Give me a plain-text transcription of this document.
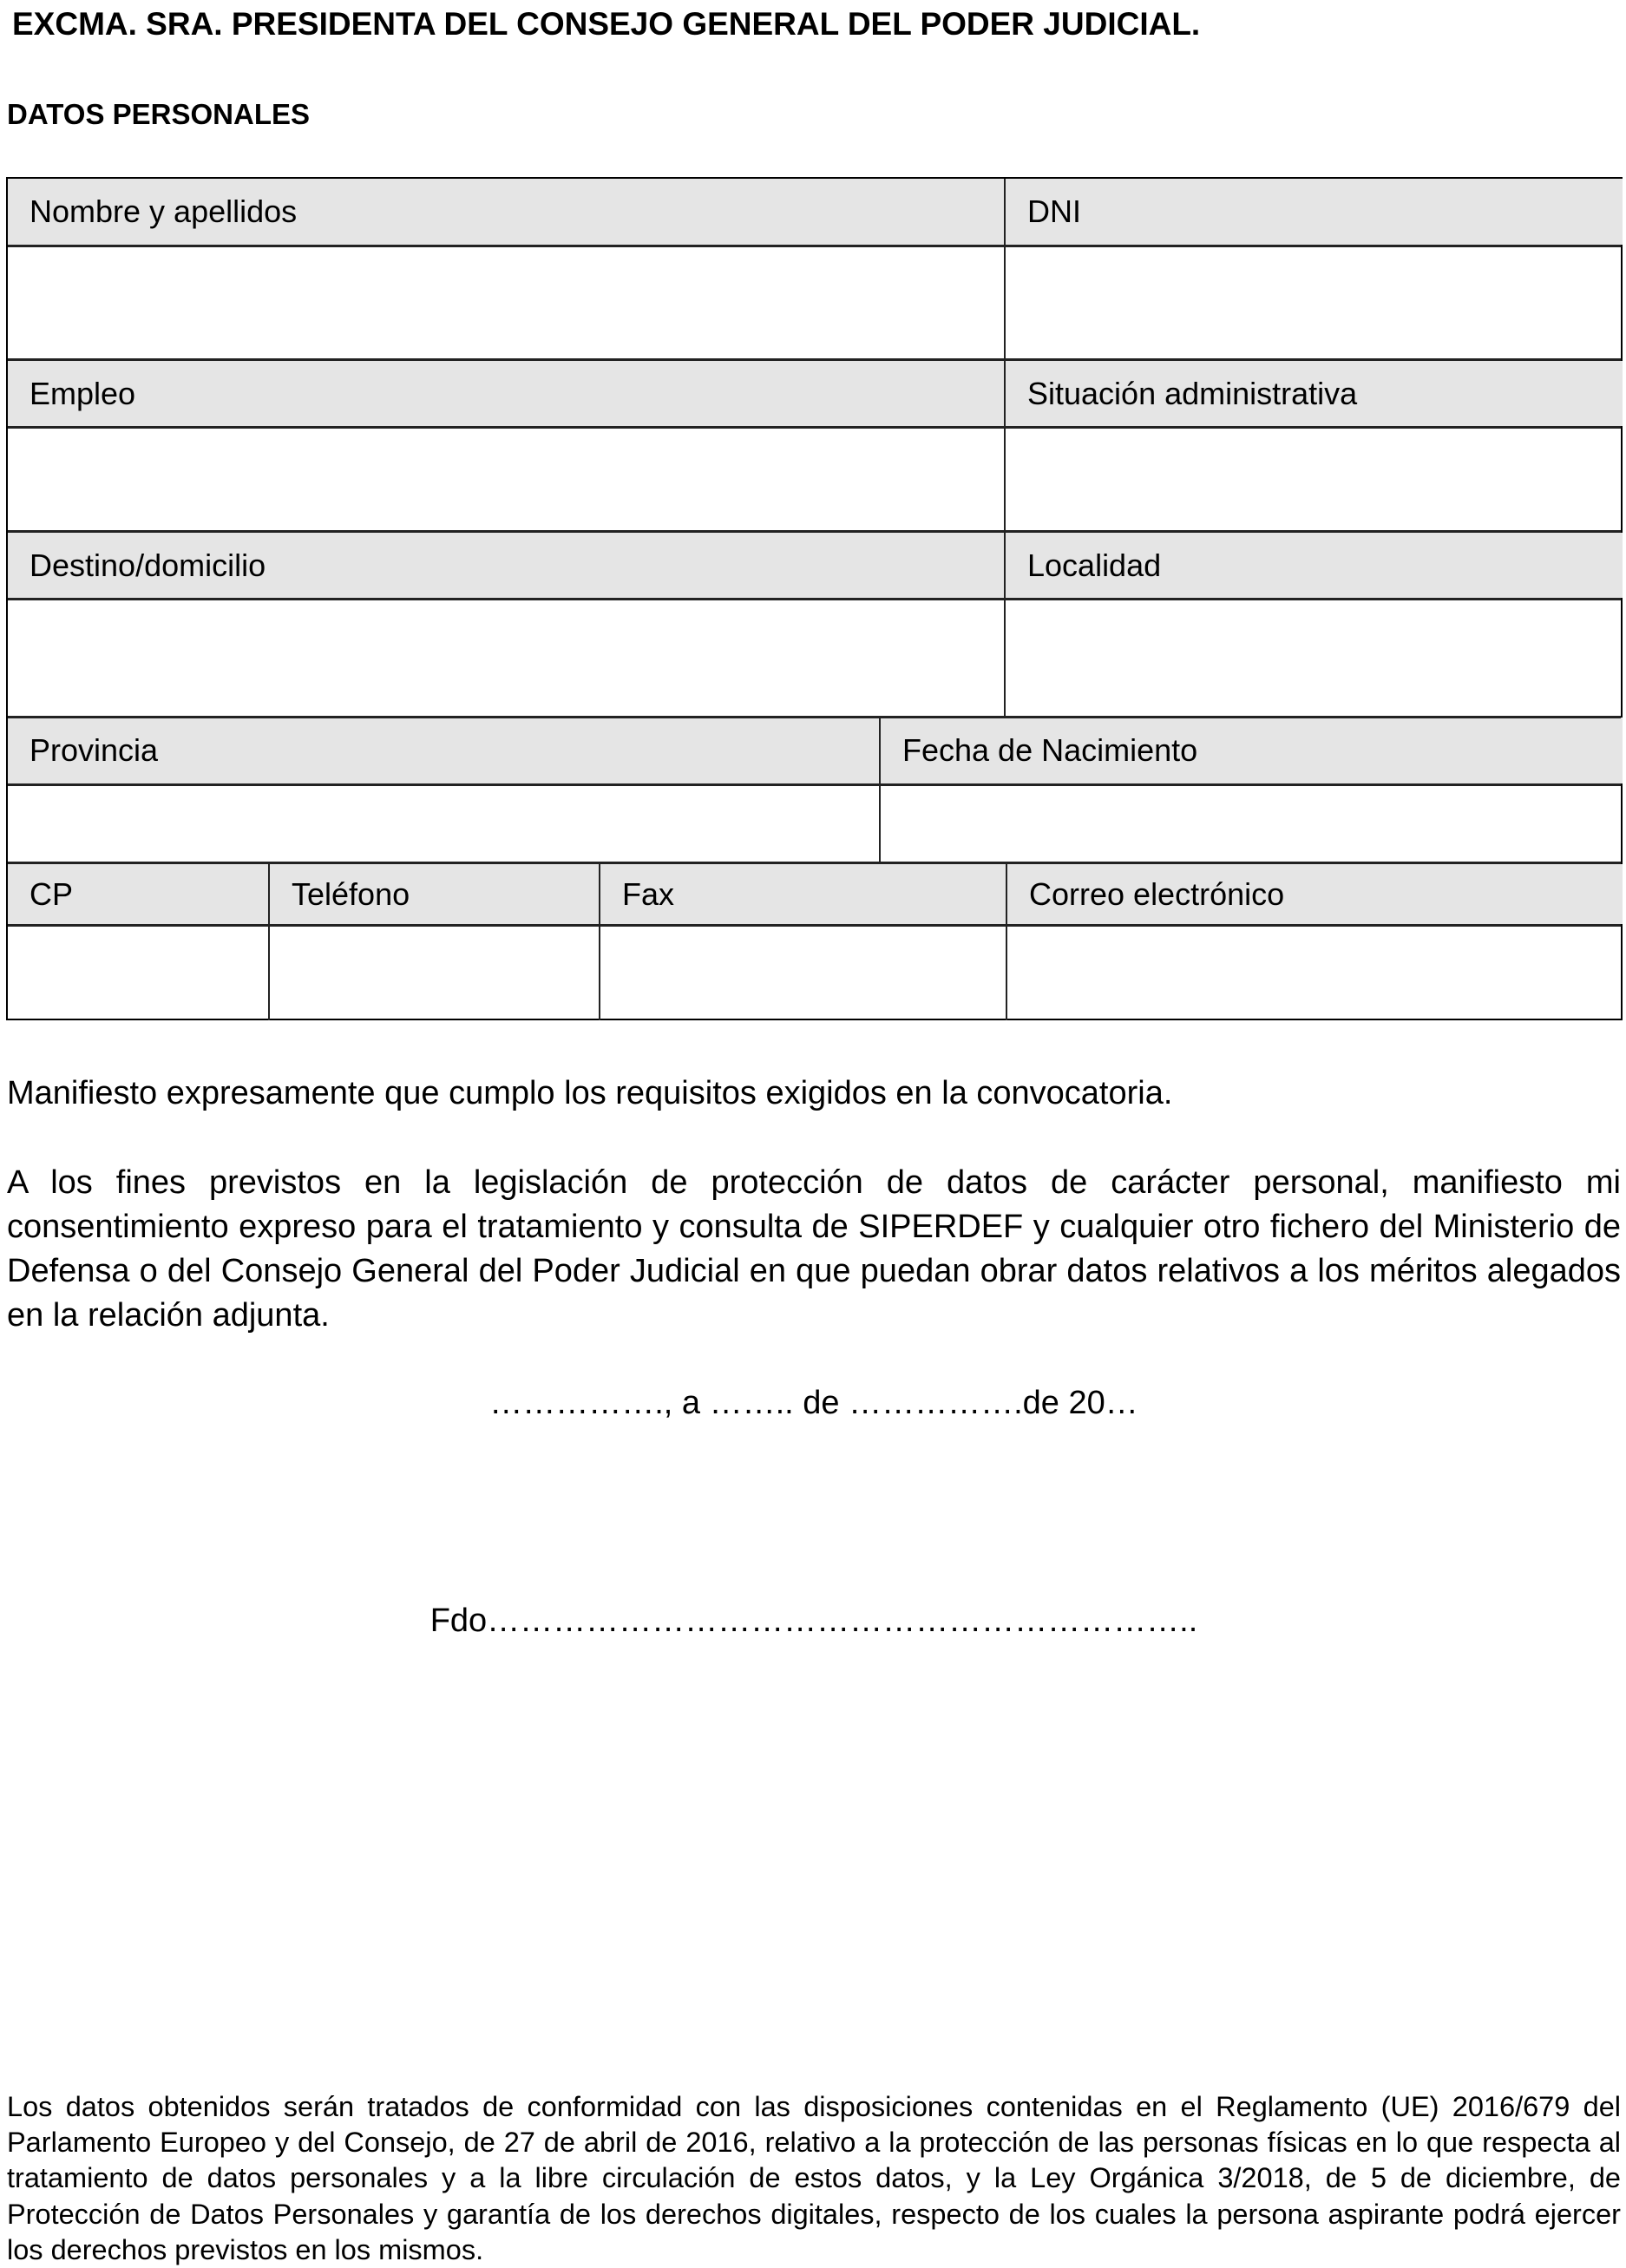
EXCMA. SRA. PRESIDENTA DEL CONSEJO GENERAL DEL PODER JUDICIAL.
DATOS PERSONALES
Nombre y apellidos	DNI
Empleo	Situación administrativa
Destino/domicilio	Localidad
Provincia	Fecha de Nacimiento
CP	Teléfono	Fax	Correo electrónico
Manifiesto expresamente que cumplo los requisitos exigidos en la convocatoria.
A los fines previstos en la legislación de protección de datos de carácter personal, manifiesto mi consentimiento expreso para el tratamiento y consulta de SIPERDEF y cualquier otro fichero del Ministerio de Defensa o del Consejo General del Poder Judicial en que puedan obrar datos relativos a los méritos alegados en la relación adjunta.
……………., a …….. de …………….de 20…
Fdo………………………………………………………..
Los datos obtenidos serán tratados de conformidad con las disposiciones contenidas en el Reglamento (UE) 2016/679 del Parlamento Europeo y del Consejo, de 27 de abril de 2016, relativo a la protección de las personas físicas en lo que respecta al tratamiento de datos personales y a la libre circulación de estos datos, y la Ley Orgánica 3/2018, de 5 de diciembre, de Protección de Datos Personales y garantía de los derechos digitales, respecto de los cuales la persona aspirante podrá ejercer los derechos previstos en los mismos.
